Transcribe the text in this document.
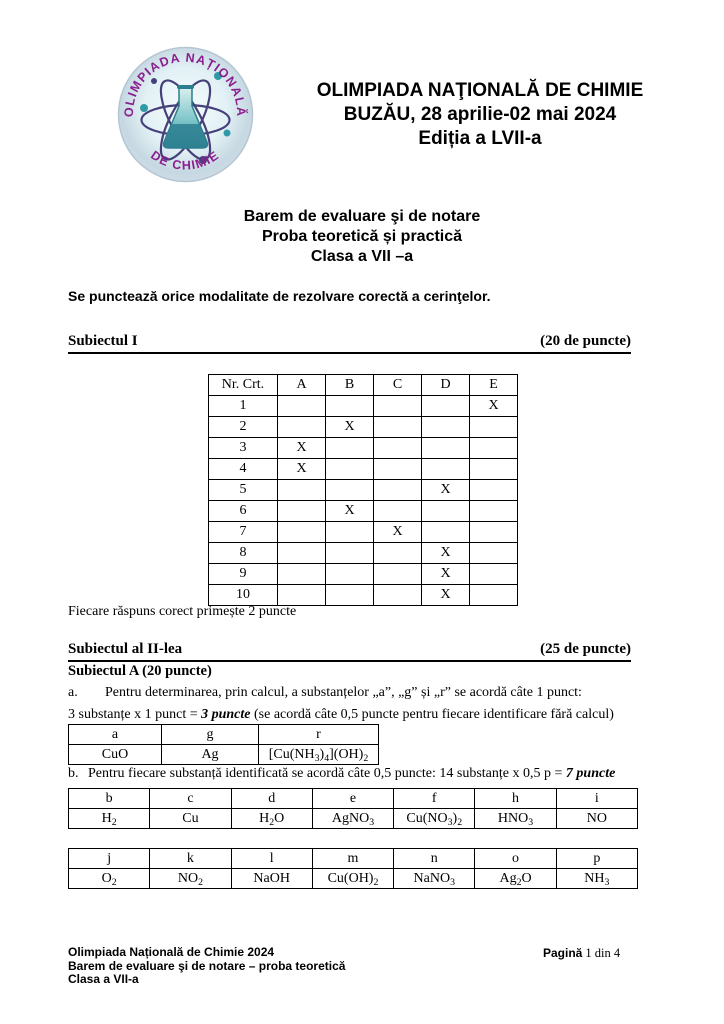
OLIMPIADA NAȚIONALĂ
DE CHIMIE
OLIMPIADA NAŢIONALĂ DE CHIMIE
BUZĂU, 28 aprilie-02 mai 2024
Ediția a LVII-a
Barem de evaluare şi de notare
Proba teoretică și practică
Clasa a VII –a
Se punctează orice modalitate de rezolvare corectă a cerinţelor.
Subiectul I	(20 de puncte)
Nr. Crt.	A	B	C	D	E
1					X
2		X			
3	X				
4	X				
5				X	
6		X			
7			X		
8				X	
9				X	
10				X	
Fiecare răspuns corect primește 2 puncte
Subiectul al II-lea	(25 de puncte)
Subiectul A (20 puncte)
a. Pentru determinarea, prin calcul, a substanțelor „a”, „g” și „r” se acordă câte 1 punct:
3 substanțe x 1 punct = 3 puncte (se acordă câte 0,5 puncte pentru fiecare identificare fără calcul)
a	g	r
CuO	Ag	$[Cu(NH_3)_4](OH)_2$
b. Pentru fiecare substanță identificată se acordă câte 0,5 puncte: 14 substanțe x 0,5 p = 7 puncte
b	c	d	e	f	h	i
$H_2$	Cu	$H_2O$	AgNO$_3$	$Cu(NO_3)_2$	$HNO_3$	NO
j	k	l	m	n	o	p
$O_2$	$NO_2$	NaOH	$Cu(OH)_2$	NaNO$_3$	$Ag_2O$	$NH_3$
Olimpiada Națională de Chimie 2024
Barem de evaluare şi de notare – proba teoretică
Clasa a VII-a
Pagină 1 din 4
